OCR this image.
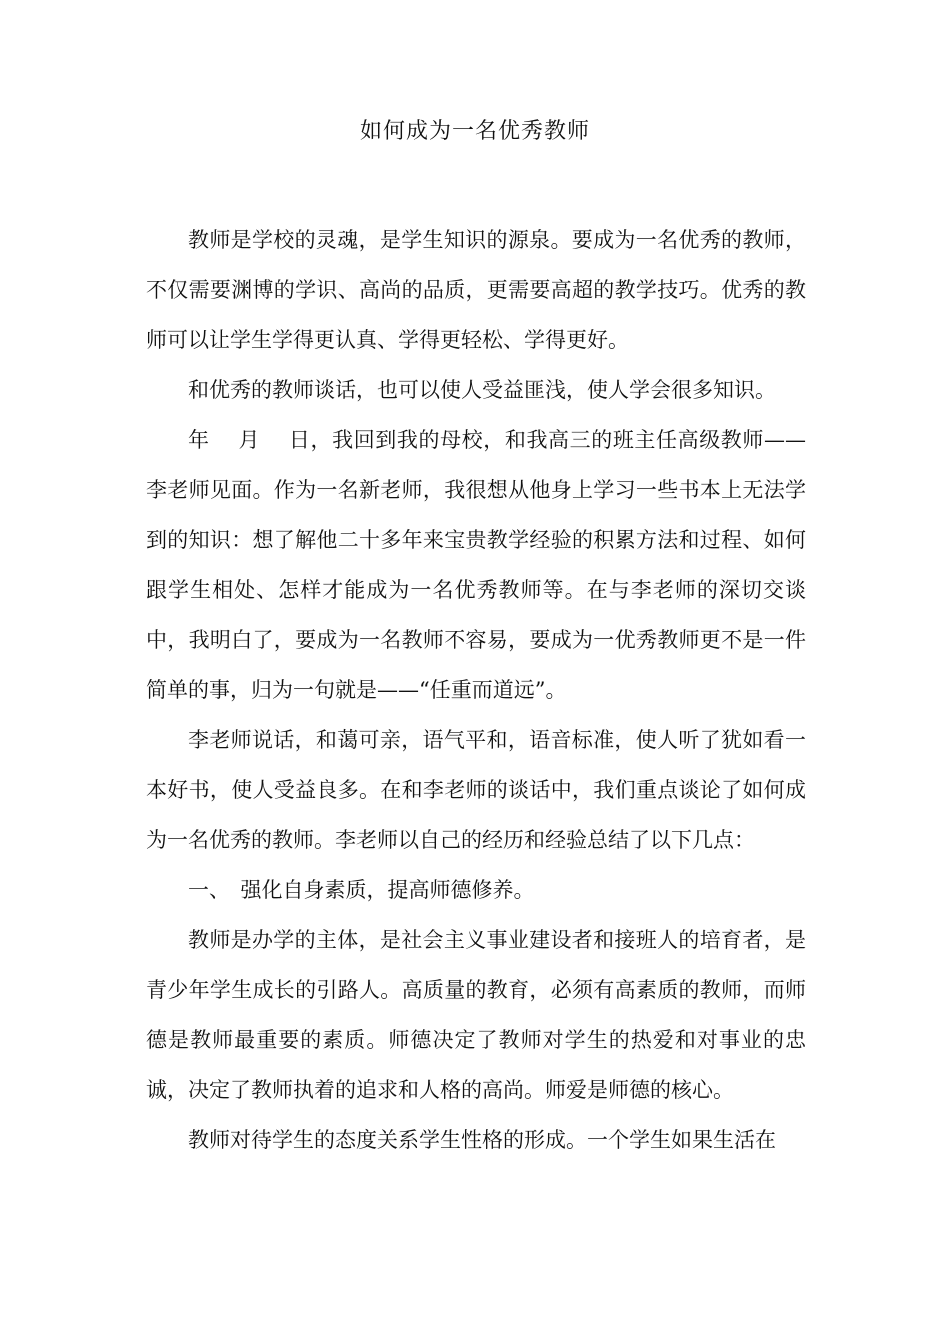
如何成为一名优秀教师

教师是学校的灵魂，是学生知识的源泉。要成为一名优秀的教师，不仅需要渊博的学识、高尚的品质，更需要高超的教学技巧。优秀的教师可以让学生学得更认真、学得更轻松、学得更好。

和优秀的教师谈话，也可以使人受益匪浅，使人学会很多知识。

年　 月　 日，我回到我的母校，和我高三的班主任高级教师——李老师见面。作为一名新老师，我很想从他身上学习一些书本上无法学到的知识：想了解他二十多年来宝贵教学经验的积累方法和过程、如何跟学生相处、怎样才能成为一名优秀教师等。在与李老师的深切交谈中，我明白了，要成为一名教师不容易，要成为一优秀教师更不是一件简单的事，归为一句就是——“任重而道远”。

李老师说话，和蔼可亲，语气平和，语音标准，使人听了犹如看一本好书，使人受益良多。在和李老师的谈话中，我们重点谈论了如何成为一名优秀的教师。李老师以自己的经历和经验总结了以下几点：

一、　强化自身素质，提高师德修养。

教师是办学的主体，是社会主义事业建设者和接班人的培育者，是青少年学生成长的引路人。高质量的教育，必须有高素质的教师，而师德是教师最重要的素质。师德决定了教师对学生的热爱和对事业的忠诚，决定了教师执着的追求和人格的高尚。师爱是师德的核心。

教师对待学生的态度关系学生性格的形成。一个学生如果生活在
